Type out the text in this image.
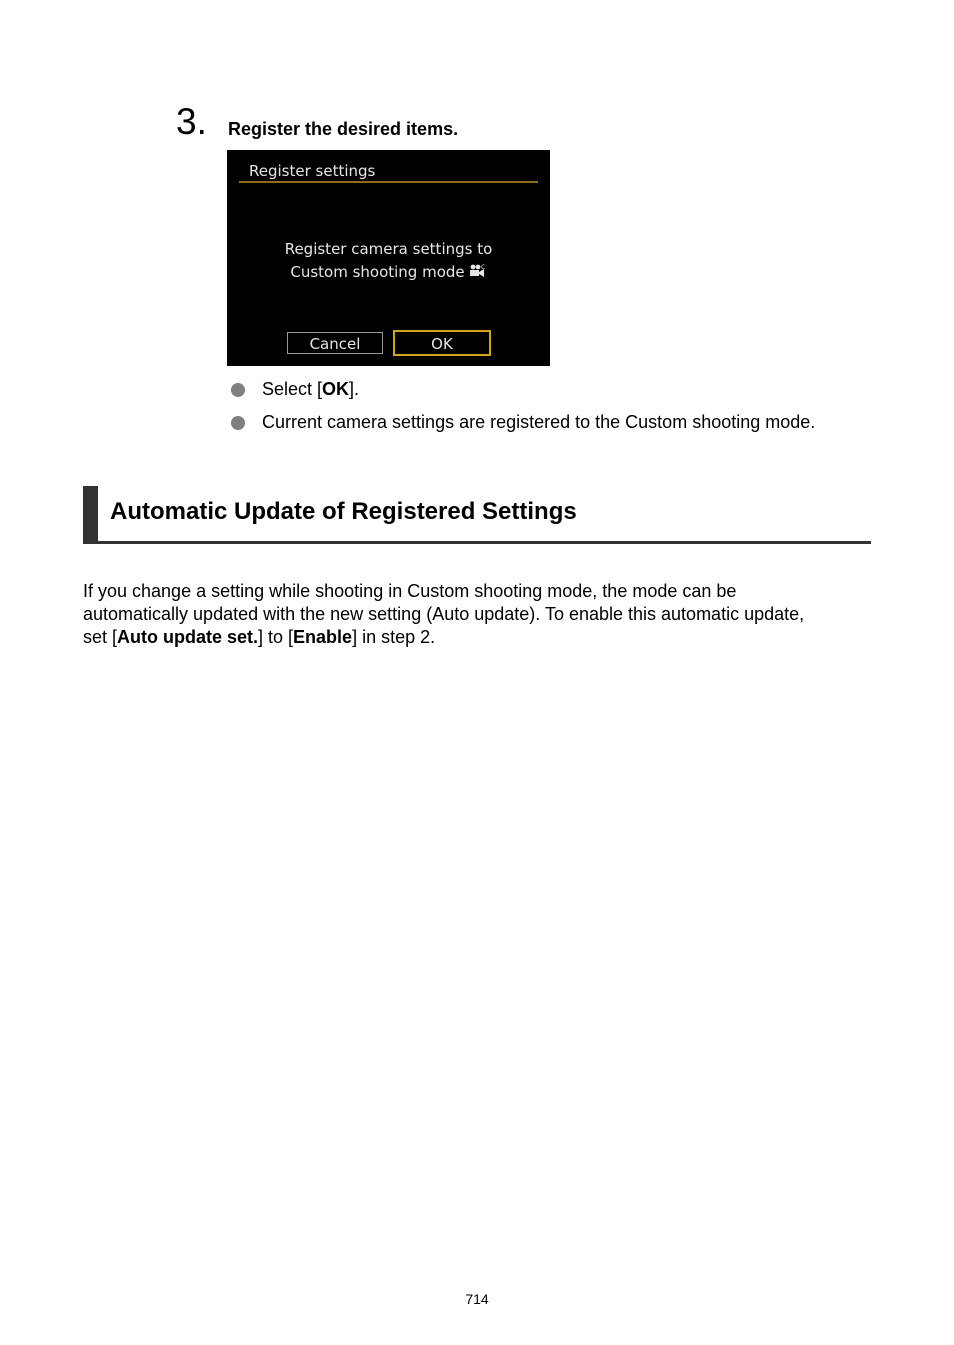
3. Register the desired items.
Register settings
Register camera settings to
Custom shooting mode	C
Cancel	OK
Select [OK].
Current camera settings are registered to the Custom shooting mode.
Automatic Update of Registered Settings
If you change a setting while shooting in Custom shooting mode, the mode can be
automatically updated with the new setting (Auto update). To enable this automatic update,
set [Auto update set.] to [Enable] in step 2.
714
